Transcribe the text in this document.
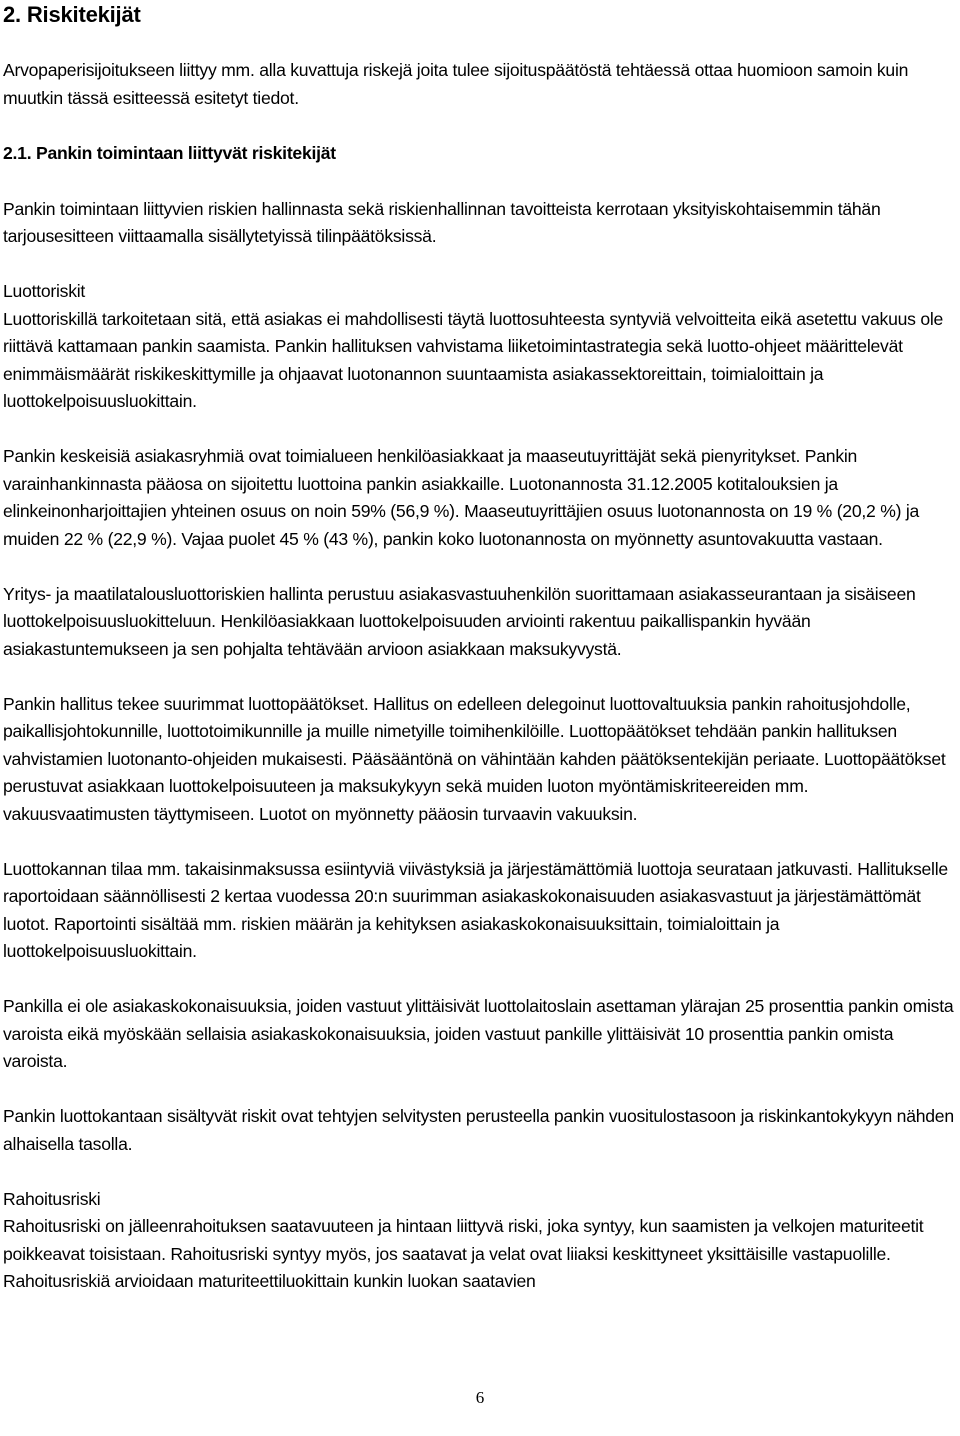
2. Riskitekijät

Arvopaperisijoitukseen liittyy mm. alla kuvattuja riskejä joita tulee sijoituspäätöstä tehtäessä ottaa huomioon samoin kuin muutkin tässä esitteessä esitetyt tiedot.

2.1. Pankin toimintaan liittyvät riskitekijät

Pankin toimintaan liittyvien riskien hallinnasta sekä riskienhallinnan tavoitteista kerrotaan yksityiskohtaisemmin tähän tarjousesitteen viittaamalla sisällytetyissä tilinpäätöksissä.

Luottoriskit

Luottoriskillä tarkoitetaan sitä, että asiakas ei mahdollisesti täytä luottosuhteesta syntyviä velvoitteita eikä asetettu vakuus ole riittävä kattamaan pankin saamista. Pankin hallituksen vahvistama liiketoimintastrategia sekä luotto-ohjeet määrittelevät enimmäismäärät riskikeskittymille ja ohjaavat luotonannon suuntaamista asiakassektoreittain, toimialoittain ja luottokelpoisuusluokittain.

Pankin keskeisiä asiakasryhmiä ovat toimialueen henkilöasiakkaat ja maaseutuyrittäjät sekä pienyritykset. Pankin varainhankinnasta pääosa on sijoitettu luottoina pankin asiakkaille. Luotonannosta 31.12.2005 kotitalouksien ja elinkeinonharjoittajien yhteinen osuus on noin 59% (56,9 %). Maaseutuyrittäjien osuus luotonannosta on 19 % (20,2 %) ja muiden 22 % (22,9 %). Vajaa puolet 45 % (43 %), pankin koko luotonannosta on myönnetty asuntovakuutta vastaan.

Yritys- ja maatilatalousluottoriskien hallinta perustuu asiakasvastuuhenkilön suorittamaan asiakasseurantaan ja sisäiseen luottokelpoisuusluokitteluun. Henkilöasiakkaan luottokelpoisuuden arviointi rakentuu paikallispankin hyvään asiakastuntemukseen ja sen pohjalta tehtävään arvioon asiakkaan maksukyvystä.

Pankin hallitus tekee suurimmat luottopäätökset. Hallitus on edelleen delegoinut luottovaltuuksia pankin rahoitusjohdolle, paikallisjohtokunnille, luottotoimikunnille ja muille nimetyille toimihenkilöille. Luottopäätökset tehdään pankin hallituksen vahvistamien luotonanto-ohjeiden mukaisesti. Pääsääntönä on vähintään kahden päätöksentekijän periaate. Luottopäätökset perustuvat asiakkaan luottokelpoisuuteen ja maksukykyyn sekä muiden luoton myöntämiskriteereiden mm. vakuusvaatimusten täyttymiseen. Luotot on myönnetty pääosin turvaavin vakuuksin.

Luottokannan tilaa mm. takaisinmaksussa esiintyviä viivästyksiä ja järjestämättömiä luottoja seurataan jatkuvasti. Hallitukselle raportoidaan säännöllisesti 2 kertaa vuodessa 20:n suurimman asiakaskokonaisuuden asiakasvastuut ja järjestämättömät luotot. Raportointi sisältää mm. riskien määrän ja kehityksen asiakaskokonaisuuksittain, toimialoittain ja luottokelpoisuusluokittain.

Pankilla ei ole asiakaskokonaisuuksia, joiden vastuut ylittäisivät luottolaitoslain asettaman ylärajan 25 prosenttia pankin omista varoista eikä myöskään sellaisia asiakaskokonaisuuksia, joiden vastuut pankille ylittäisivät 10 prosenttia pankin omista varoista.

Pankin luottokantaan sisältyvät riskit ovat tehtyjen selvitysten perusteella pankin vuositulostasoon ja riskinkantokykyyn nähden alhaisella tasolla.

Rahoitusriski

Rahoitusriski on jälleenrahoituksen saatavuuteen ja hintaan liittyvä riski, joka syntyy, kun saamisten ja velkojen maturiteetit poikkeavat toisistaan. Rahoitusriski syntyy myös, jos saatavat ja velat ovat liiaksi keskittyneet yksittäisille vastapuolille. Rahoitusriskiä arvioidaan maturiteettiluokittain kunkin luokan saatavien

6
